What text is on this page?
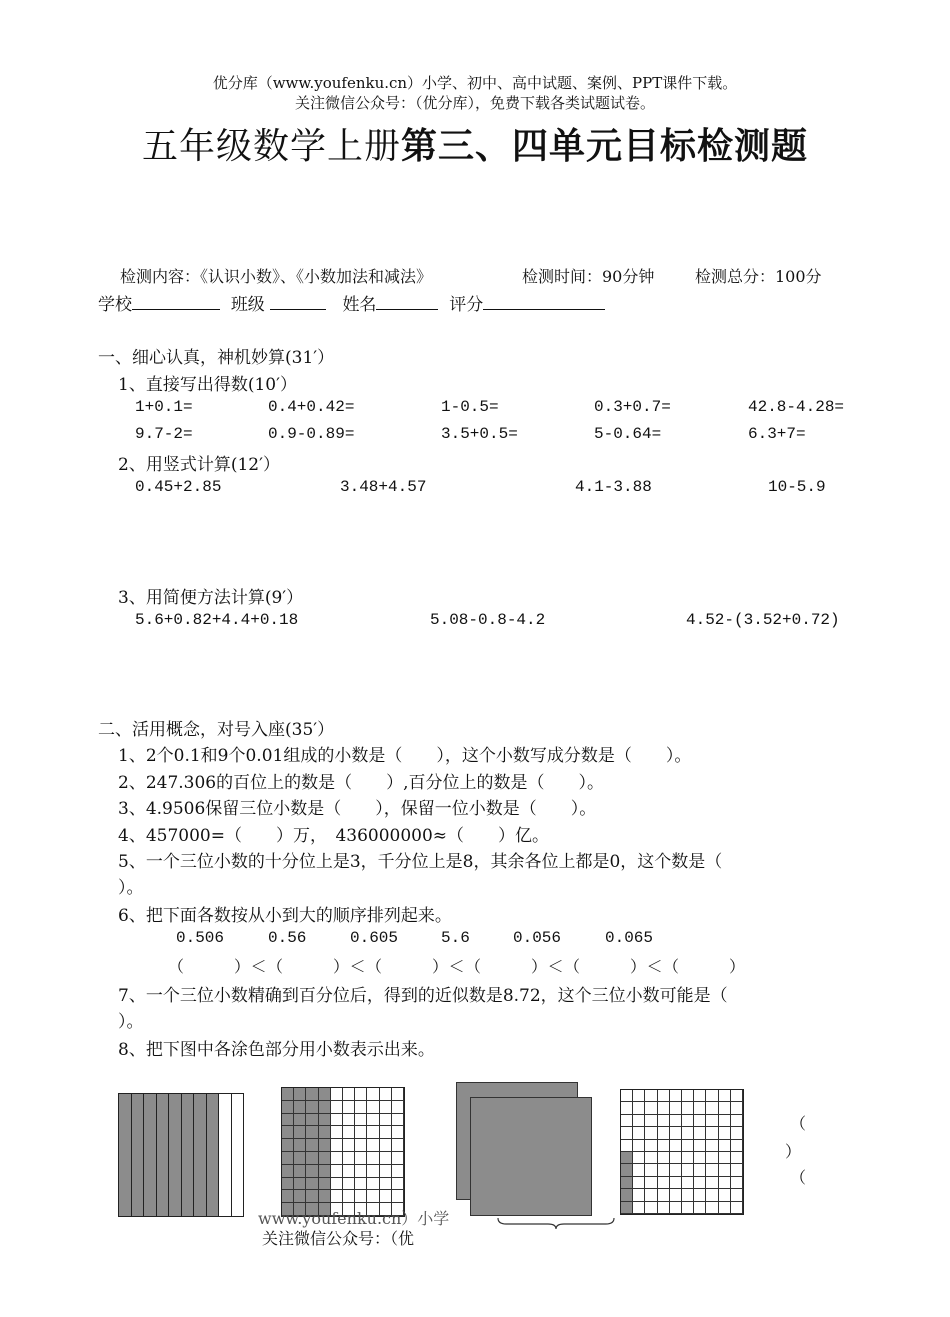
优分库（www.youfenku.cn）小学、初中、高中试题、案例、PPT课件下载。
关注微信公众号：（优分库），免费下载各类试题试卷。
五年级数学上册第三、四单元目标检测题
检测内容：《认识小数》、《小数加法和减法》	检测时间：90分钟	检测总分：100分
学校	班级	姓名	评分
一、细心认真，神机妙算(31′）
1、直接写出得数(10′）
1+0.1=	0.4+0.42=	1-0.5=	0.3+0.7=	42.8-4.28=
9.7-2=	0.9-0.89=	3.5+0.5=	5-0.64=	6.3+7=
2、用竖式计算(12′）
0.45+2.85	3.48+4.57	4.1-3.88	10-5.9
3、用简便方法计算(9′）
5.6+0.82+4.4+0.18	5.08-0.8-4.2	4.52-(3.52+0.72)
二、活用概念，对号入座(35′）
1、2个0.1和9个0.01组成的小数是（　　），这个小数写成分数是（　　）。
2、247.306的百位上的数是（　　）,百分位上的数是（　　）。
3、4.9506保留三位小数是（　　），保留一位小数是（　　）。
4、457000=（　　）万，　436000000≈（　　）亿。
5、一个三位小数的十分位上是3，千分位上是8，其余各位上都是0，这个数是（
）。
6、把下面各数按从小到大的顺序排列起来。
0.506	0.56	0.605	5.6	0.056	0.065
（　　　）＜（　　　）＜（　　　）＜（　　　）＜（　　　）＜（　　　）
7、一个三位小数精确到百分位后，得到的近似数是8.72，这个三位小数可能是（
）。
8、把下图中各涂色部分用小数表示出来。
（
）
（
www.youfenku.cn）小学
关注微信公众号：（优
